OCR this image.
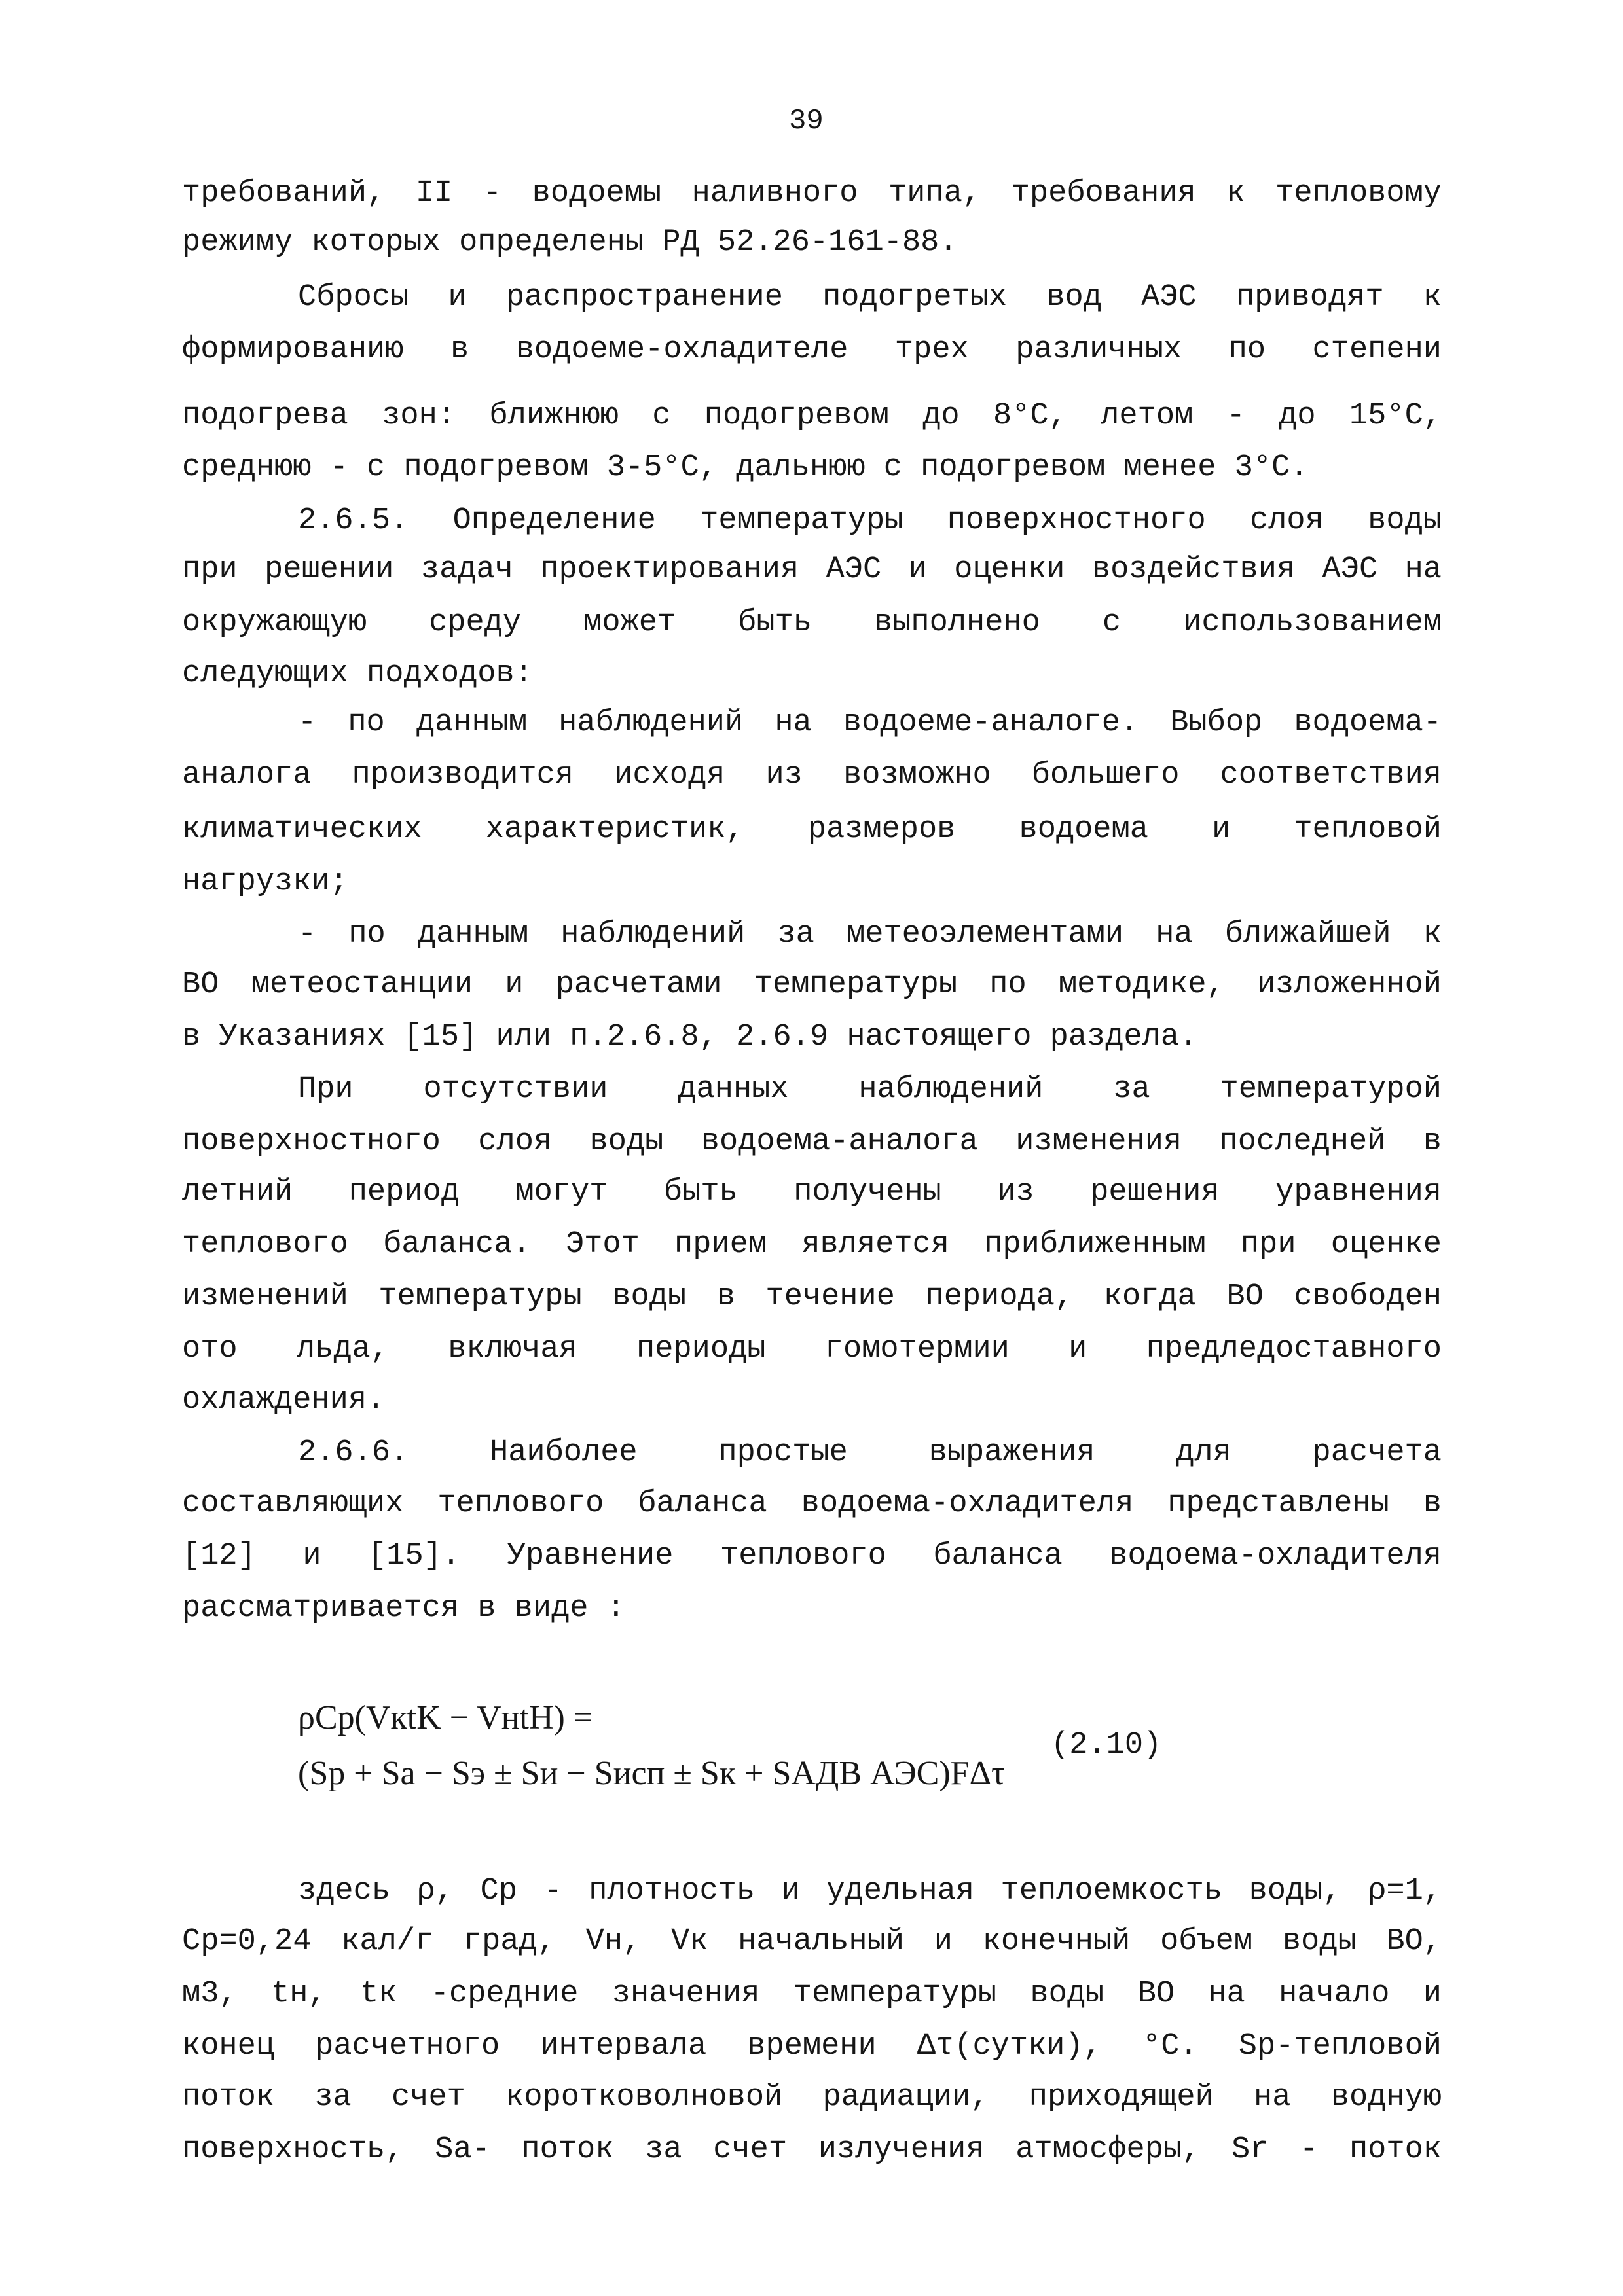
39
требований, II - водоемы наливного типа, требования к тепловому
режиму которых определены РД 52.26-161-88.
Сбросы и распространение подогретых вод АЭС приводят к
формированию в водоеме-охладителе трех различных по степени
подогрева зон: ближнюю с подогревом до 8°С, летом - до 15°С,
среднюю - с подогревом 3-5°С, дальнюю с подогревом менее 3°С.
2.6.5. Определение температуры поверхностного слоя воды
при решении задач проектирования АЭС и оценки воздействия АЭС на
окружающую среду может быть выполнено с использованием
следующих подходов:
- по данным наблюдений на водоеме-аналоге. Выбор водоема-
аналога производится исходя из возможно большего соответствия
климатических характеристик, размеров водоема и тепловой
нагрузки;
- по данным наблюдений за метеоэлементами на ближайшей к
ВО метеостанции и расчетами температуры по методике, изложенной
в Указаниях [15] или п.2.6.8, 2.6.9 настоящего раздела.
При отсутствии данных наблюдений за температурой
поверхностного слоя воды водоема-аналога изменения последней в
летний период могут быть получены из решения уравнения
теплового баланса. Этот прием является приближенным при оценке
изменений температуры воды в течение периода, когда ВО свободен
ото льда, включая периоды гомотермии и предледоставного
охлаждения.
2.6.6. Наиболее простые выражения для расчета
составляющих теплового баланса водоема-охладителя представлены в
[12] и [15]. Уравнение теплового баланса водоема-охладителя
рассматривается в виде :
ρCp(VкtK − VнtH) =
(Sp + Sa − Sэ ± Sи − Sисп ± Sк + SАДВ АЭС)FΔτ
(2.10)
здесь ρ, Ср - плотность и удельная теплоемкость воды, ρ=1,
Ср=0,24 кал/г град, Vн, Vк начальный и конечный объем воды ВО,
м3, tн, tк -средние значения температуры воды ВО на начало и
конец расчетного интервала времени Δτ(сутки), °С. Sp-тепловой
поток за счет коротковолновой радиации, приходящей на водную
поверхность, Sa- поток за счет излучения атмосферы, Sr - поток
